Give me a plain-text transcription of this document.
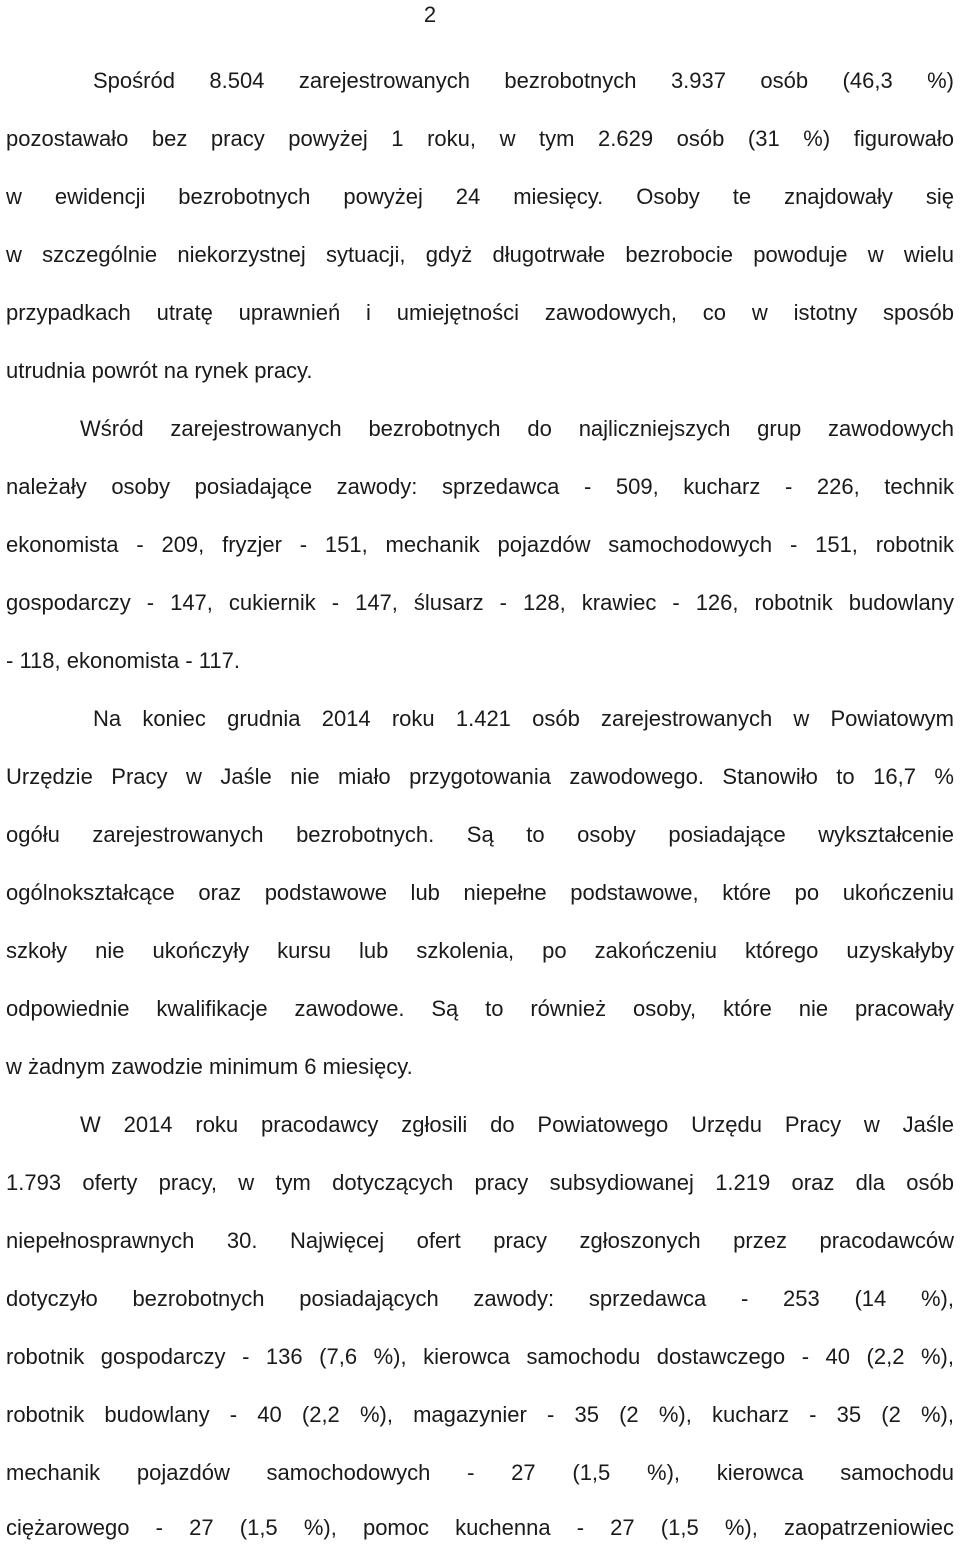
2
Spośród 8.504 zarejestrowanych bezrobotnych 3.937 osób (46,3 %)
pozostawało bez pracy powyżej 1 roku, w tym 2.629 osób (31 %) figurowało
w ewidencji bezrobotnych powyżej 24 miesięcy. Osoby te znajdowały się
w szczególnie niekorzystnej sytuacji, gdyż długotrwałe bezrobocie powoduje w wielu
przypadkach utratę uprawnień i umiejętności zawodowych, co w istotny sposób
utrudnia powrót na rynek pracy.
Wśród zarejestrowanych bezrobotnych do najliczniejszych grup zawodowych
należały osoby posiadające zawody: sprzedawca - 509, kucharz - 226, technik
ekonomista - 209, fryzjer - 151, mechanik pojazdów samochodowych - 151, robotnik
gospodarczy - 147, cukiernik - 147, ślusarz - 128, krawiec - 126, robotnik budowlany
- 118, ekonomista - 117.
Na koniec grudnia 2014 roku 1.421 osób zarejestrowanych w Powiatowym
Urzędzie Pracy w Jaśle nie miało przygotowania zawodowego. Stanowiło to 16,7 %
ogółu zarejestrowanych bezrobotnych. Są to osoby posiadające wykształcenie
ogólnokształcące oraz podstawowe lub niepełne podstawowe, które po ukończeniu
szkoły nie ukończyły kursu lub szkolenia, po zakończeniu którego uzyskałyby
odpowiednie kwalifikacje zawodowe. Są to również osoby, które nie pracowały
w żadnym zawodzie minimum 6 miesięcy.
W 2014 roku pracodawcy zgłosili do Powiatowego Urzędu Pracy w Jaśle
1.793 oferty pracy, w tym dotyczących pracy subsydiowanej 1.219 oraz dla osób
niepełnosprawnych 30. Najwięcej ofert pracy zgłoszonych przez pracodawców
dotyczyło bezrobotnych posiadających zawody: sprzedawca - 253 (14 %),
robotnik gospodarczy - 136 (7,6 %), kierowca samochodu dostawczego - 40 (2,2 %),
robotnik budowlany - 40 (2,2 %), magazynier - 35 (2 %), kucharz - 35 (2 %),
mechanik pojazdów samochodowych - 27 (1,5 %), kierowca samochodu
ciężarowego - 27 (1,5 %), pomoc kuchenna - 27 (1,5 %), zaopatrzeniowiec
